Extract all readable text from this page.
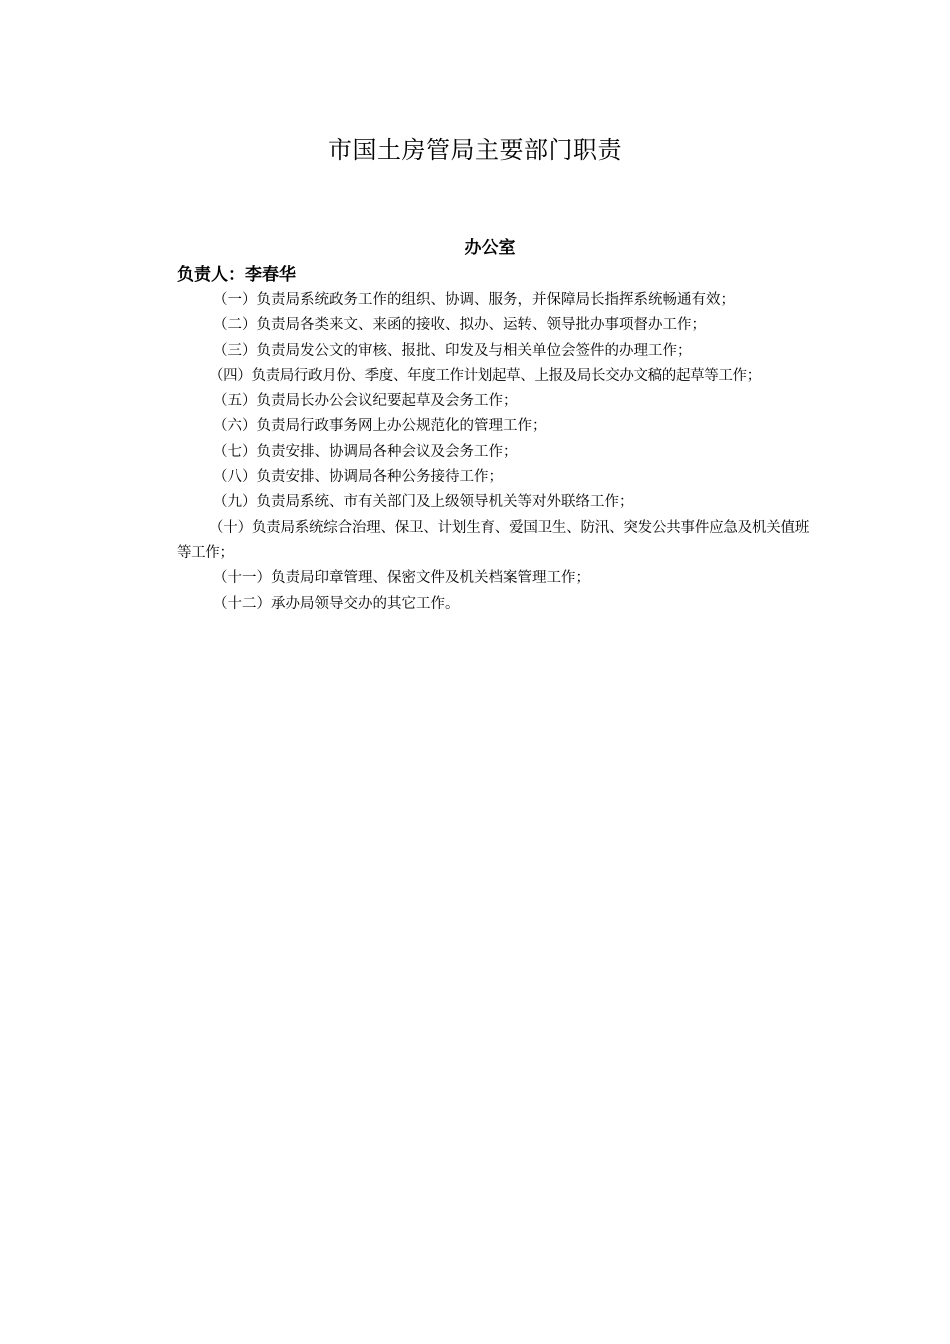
市国土房管局主要部门职责
办公室
负责人：李春华
（一）负责局系统政务工作的组织、协调、服务，并保障局长指挥系统畅通有效；
（二）负责局各类来文、来函的接收、拟办、运转、领导批办事项督办工作；
（三）负责局发公文的审核、报批、印发及与相关单位会签件的办理工作；
（四）负责局行政月份、季度、年度工作计划起草、上报及局长交办文稿的起草等工作；
（五）负责局长办公会议纪要起草及会务工作；
（六）负责局行政事务网上办公规范化的管理工作；
（七）负责安排、协调局各种会议及会务工作；
（八）负责安排、协调局各种公务接待工作；
（九）负责局系统、市有关部门及上级领导机关等对外联络工作；
（十）负责局系统综合治理、保卫、计划生育、爱国卫生、防汛、突发公共事件应急及机关值班等工作；
（十一）负责局印章管理、保密文件及机关档案管理工作；
（十二）承办局领导交办的其它工作。
